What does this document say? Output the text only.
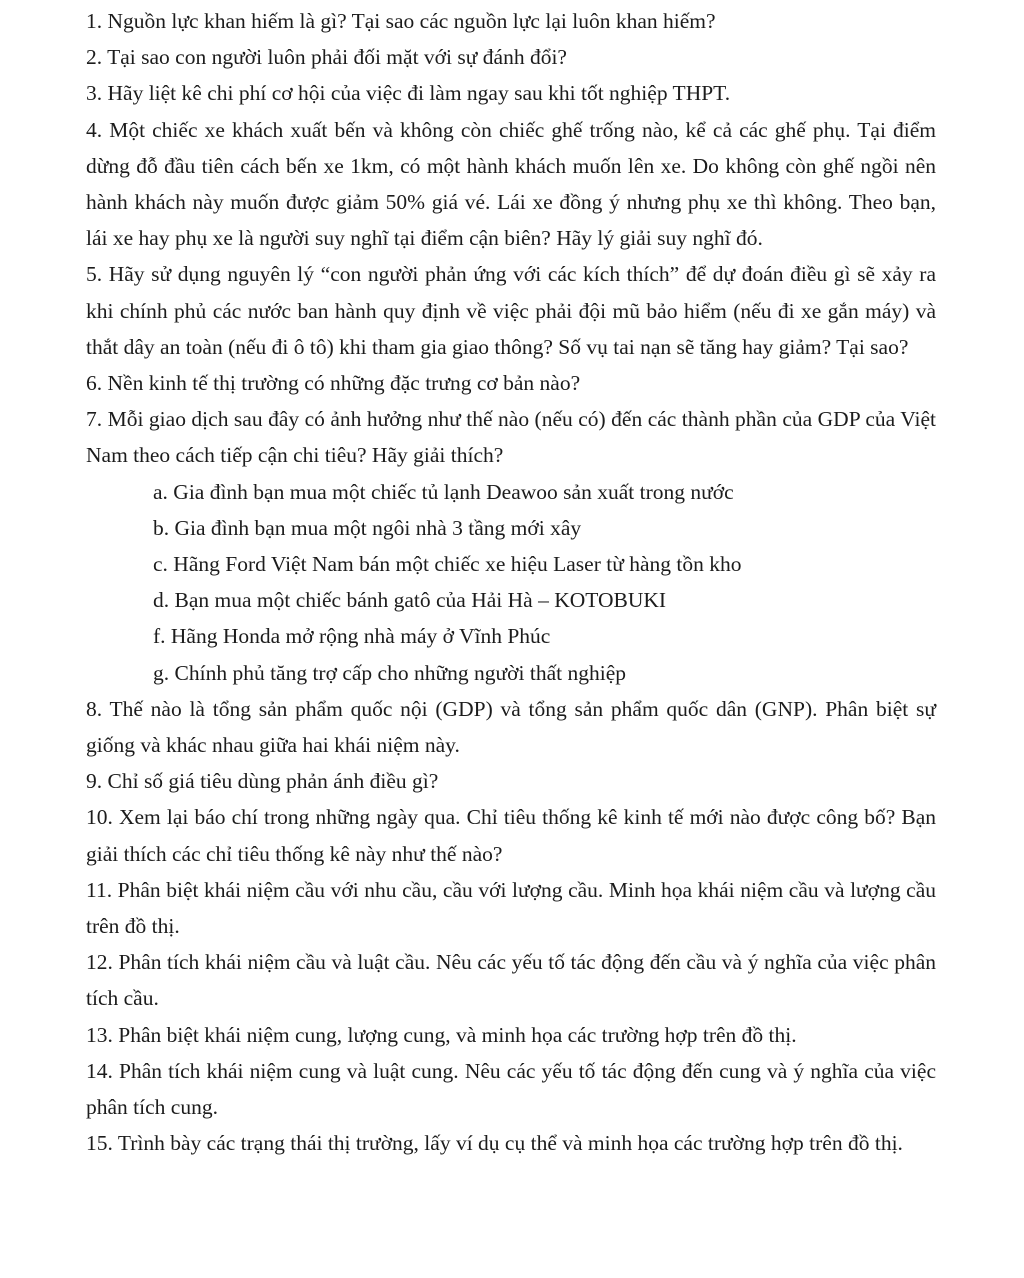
1. Nguồn lực khan hiếm là gì? Tại sao các nguồn lực lại luôn khan hiếm?

2. Tại sao con người luôn phải đối mặt với sự đánh đổi?

3. Hãy liệt kê chi phí cơ hội của việc đi làm ngay sau khi tốt nghiệp THPT.

4. Một chiếc xe khách xuất bến và không còn chiếc ghế trống nào, kể cả các ghế phụ. Tại điểm dừng đỗ đầu tiên cách bến xe 1km, có một hành khách muốn lên xe. Do không còn ghế ngồi nên hành khách này muốn được giảm 50% giá vé. Lái xe đồng ý nhưng phụ xe thì không. Theo bạn, lái xe hay phụ xe là người suy nghĩ tại điểm cận biên? Hãy lý giải suy nghĩ đó.

5. Hãy sử dụng nguyên lý “con người phản ứng với các kích thích” để dự đoán điều gì sẽ xảy ra khi chính phủ các nước ban hành quy định về việc phải đội mũ bảo hiểm (nếu đi xe gắn máy) và thắt dây an toàn (nếu đi ô tô) khi tham gia giao thông? Số vụ tai nạn sẽ tăng hay giảm? Tại sao?

6. Nền kinh tế thị trường có những đặc trưng cơ bản nào?

7. Mỗi giao dịch sau đây có ảnh hưởng như thế nào (nếu có) đến các thành phần của GDP của Việt Nam theo cách tiếp cận chi tiêu? Hãy giải thích?

a. Gia đình bạn mua một chiếc tủ lạnh Deawoo sản xuất trong nước
b. Gia đình bạn mua một ngôi nhà 3 tầng mới xây
c. Hãng Ford Việt Nam bán một chiếc xe hiệu Laser từ hàng tồn kho
d. Bạn mua một chiếc bánh gatô của Hải Hà – KOTOBUKI
f. Hãng Honda mở rộng nhà máy ở Vĩnh Phúc
g. Chính phủ tăng trợ cấp cho những người thất nghiệp

8. Thế nào là tổng sản phẩm quốc nội (GDP) và tổng sản phẩm quốc dân (GNP). Phân biệt sự giống và khác nhau giữa hai khái niệm này.

9. Chỉ số giá tiêu dùng phản ánh điều gì?

10. Xem lại báo chí trong những ngày qua. Chỉ tiêu thống kê kinh tế mới nào được công bố? Bạn giải thích các chỉ tiêu thống kê này như thế nào?

11. Phân biệt khái niệm cầu với nhu cầu, cầu với lượng cầu. Minh họa khái niệm cầu và lượng cầu trên đồ thị.

12. Phân tích khái niệm cầu và luật cầu. Nêu các yếu tố tác động đến cầu và ý nghĩa của việc phân tích cầu.

13. Phân biệt khái niệm cung, lượng cung, và minh họa các trường hợp trên đồ thị.

14. Phân tích khái niệm cung và luật cung. Nêu các yếu tố tác động đến cung và ý nghĩa của việc phân tích cung.

15. Trình bày các trạng thái thị trường, lấy ví dụ cụ thể và minh họa các trường hợp trên đồ thị.
